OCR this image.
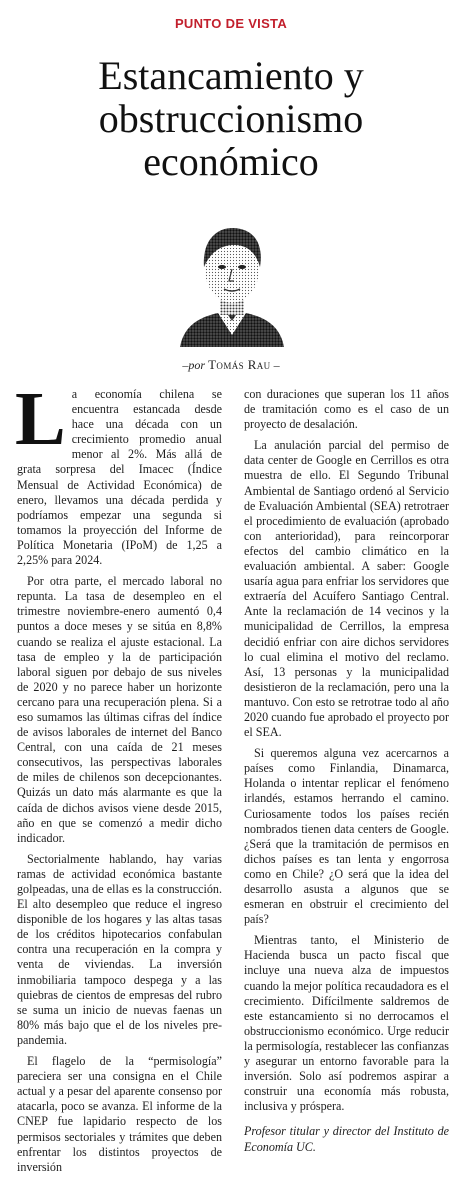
PUNTO DE VISTA
Estancamiento y
obstruccionismo
económico
–por Tomás Rau –

La economía chilena se encuentra estancada desde hace una década con un crecimiento promedio anual menor al 2%. Más allá de grata sorpresa del Imacec (Índice Mensual de Actividad Económica) de enero, llevamos una década perdida y podríamos empezar una segunda si tomamos la proyección del Informe de Política Monetaria (IPoM) de 1,25 a 2,25% para 2024.

Por otra parte, el mercado laboral no repunta. La tasa de desempleo en el trimestre noviembre-enero aumentó 0,4 puntos a doce meses y se sitúa en 8,8% cuando se realiza el ajuste estacional. La tasa de empleo y la de participación laboral siguen por debajo de sus niveles de 2020 y no parece haber un horizonte cercano para una recuperación plena. Si a eso sumamos las últimas cifras del índice de avisos laborales de internet del Banco Central, con una caída de 21 meses consecutivos, las perspectivas laborales de miles de chilenos son decepcionantes. Quizás un dato más alarmante es que la caída de dichos avisos viene desde 2015, año en que se comenzó a medir dicho indicador.

Sectorialmente hablando, hay varias ramas de actividad económica bastante golpeadas, una de ellas es la construcción. El alto desempleo que reduce el ingreso disponible de los hogares y las altas tasas de los créditos hipotecarios confabulan contra una recuperación en la compra y venta de viviendas. La inversión inmobiliaria tampoco despega y a las quiebras de cientos de empresas del rubro se suma un inicio de nuevas faenas un 80% más bajo que el de los niveles pre-pandemia.

El flagelo de la “permisología” pareciera ser una consigna en el Chile actual y a pesar del aparente consenso por atacarla, poco se avanza. El informe de la CNEP fue lapidario respecto de los permisos sectoriales y trámites que deben enfrentar los distintos proyectos de inversión

con duraciones que superan los 11 años de tramitación como es el caso de un proyecto de desalación.

La anulación parcial del permiso de data center de Google en Cerrillos es otra muestra de ello. El Segundo Tribunal Ambiental de Santiago ordenó al Servicio de Evaluación Ambiental (SEA) retrotraer el procedimiento de evaluación (aprobado con anterioridad), para reincorporar efectos del cambio climático en la evaluación ambiental. A saber: Google usaría agua para enfriar los servidores que extraería del Acuífero Santiago Central. Ante la reclamación de 14 vecinos y la municipalidad de Cerrillos, la empresa decidió enfriar con aire dichos servidores lo cual elimina el motivo del reclamo. Así, 13 personas y la municipalidad desistieron de la reclamación, pero una la mantuvo. Con esto se retrotrae todo al año 2020 cuando fue aprobado el proyecto por el SEA.

Si queremos alguna vez acercarnos a países como Finlandia, Dinamarca, Holanda o intentar replicar el fenómeno irlandés, estamos herrando el camino. Curiosamente todos los países recién nombrados tienen data centers de Google. ¿Será que la tramitación de permisos en dichos países es tan lenta y engorrosa como en Chile? ¿O será que la idea del desarrollo asusta a algunos que se esmeran en obstruir el crecimiento del país?

Mientras tanto, el Ministerio de Hacienda busca un pacto fiscal que incluye una nueva alza de impuestos cuando la mejor política recaudadora es el crecimiento. Difícilmente saldremos de este estancamiento si no derrocamos el obstruccionismo económico. Urge reducir la permisología, restablecer las confianzas y asegurar un entorno favorable para la inversión. Solo así podremos aspirar a construir una economía más robusta, inclusiva y próspera.

Profesor titular y director del Instituto de Economía UC.
